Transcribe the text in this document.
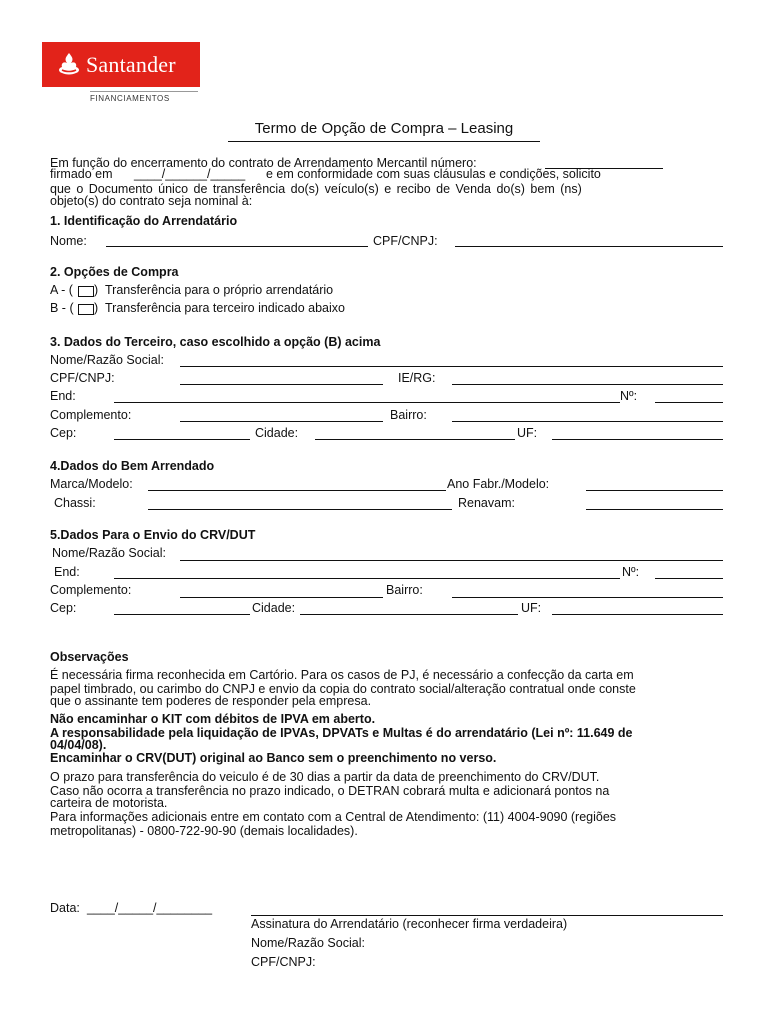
Santander
FINANCIAMENTOS
Termo de Opção de Compra – Leasing
Em função do encerramento do contrato de Arrendamento Mercantil número:
firmado em ____/______/_____ e em conformidade com suas cláusulas e condições, solicito
que o Documento único de transferência do(s) veículo(s) e recibo de Venda do(s) bem (ns)
objeto(s) do contrato seja nominal à:
1. Identificação do Arrendatário
Nome:	CPF/CNPJ:
2. Opções de Compra
A - ( ) Transferência para o próprio arrendatário
B - ( ) Transferência para terceiro indicado abaixo
3. Dados do Terceiro, caso escolhido a opção (B) acima
Nome/Razão Social:
CPF/CNPJ:	IE/RG:
End:	Nº:
Complemento:	Bairro:
Cep:	Cidade:	UF:
4.Dados do Bem Arrendado
Marca/Modelo:	Ano Fabr./Modelo:
Chassi:	Renavam:
5.Dados Para o Envio do CRV/DUT
Nome/Razão Social:
End:	Nº:
Complemento:	Bairro:
Cep:	Cidade:	UF:
Observações
É necessária firma reconhecida em Cartório. Para os casos de PJ, é necessário a confecção da carta em
papel timbrado, ou carimbo do CNPJ e envio da copia do contrato social/alteração contratual onde conste
que o assinante tem poderes de responder pela empresa.
Não encaminhar o KIT com débitos de IPVA em aberto.
A responsabilidade pela liquidação de IPVAs, DPVATs e Multas é do arrendatário (Lei nº: 11.649 de
04/04/08).
Encaminhar o CRV(DUT) original ao Banco sem o preenchimento no verso.
O prazo para transferência do veiculo é de 30 dias a partir da data de preenchimento do CRV/DUT.
Caso não ocorra a transferência no prazo indicado, o DETRAN cobrará multa e adicionará pontos na
carteira de motorista.
Para informações adicionais entre em contato com a Central de Atendimento: (11) 4004-9090 (regiões
metropolitanas) - 0800-722-90-90 (demais localidades).
Data: ____/_____/________
Assinatura do Arrendatário (reconhecer firma verdadeira)
Nome/Razão Social:
CPF/CNPJ:
